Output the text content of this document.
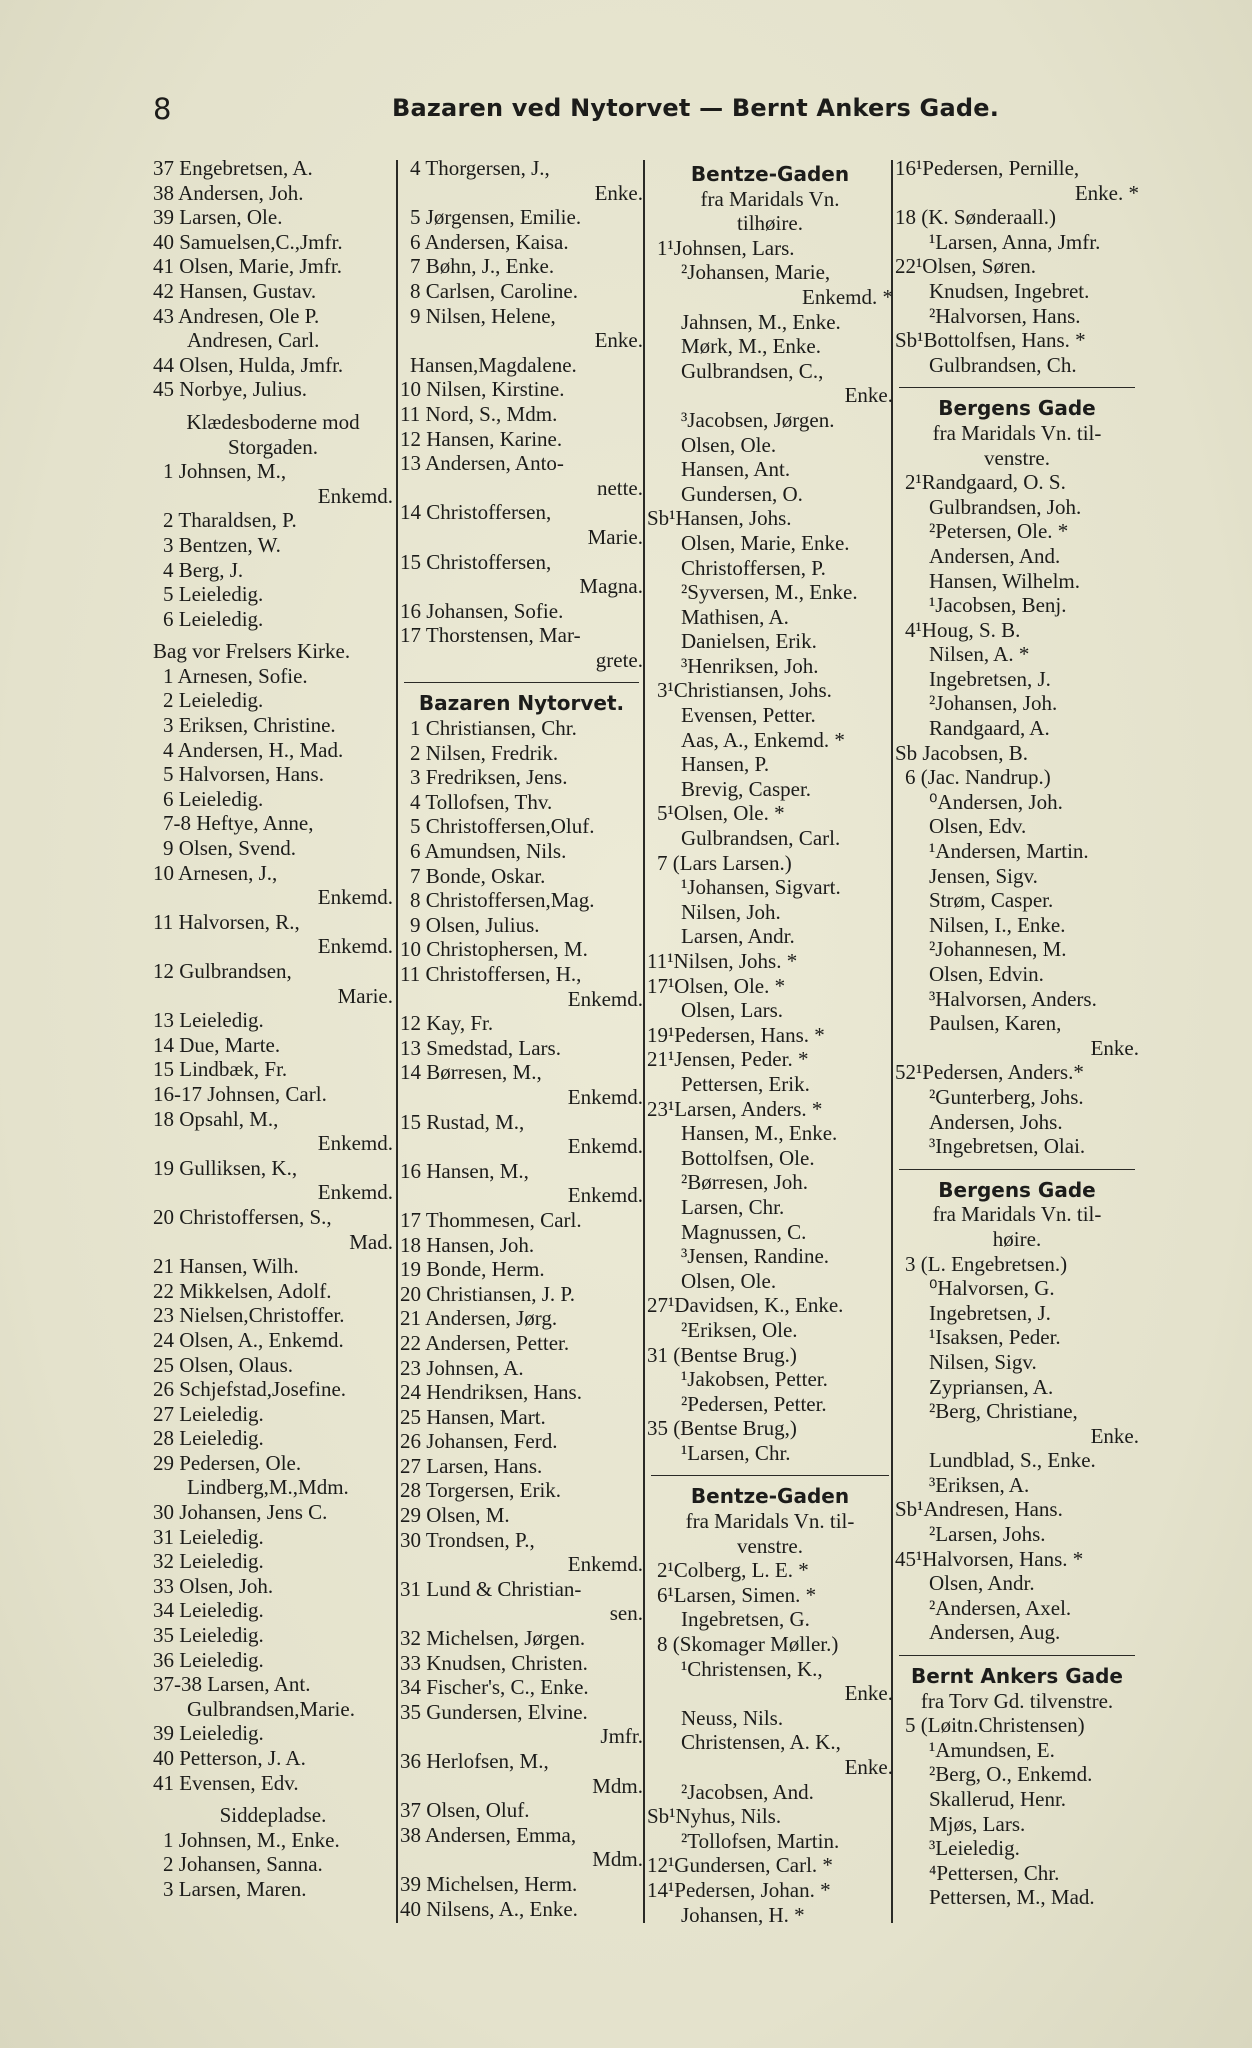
8	Bazaren ved Nytorvet — Bernt Ankers Gade.
37 Engebretsen, A.
38 Andersen, Joh.
39 Larsen, Ole.
40 Samuelsen,C.,Jmfr.
41 Olsen, Marie, Jmfr.
42 Hansen, Gustav.
43 Andresen, Ole P.
Andresen, Carl.
44 Olsen, Hulda, Jmfr.
45 Norbye, Julius.
Klædesboderne mod
Storgaden.
1 Johnsen, M.,
Enkemd.
2 Tharaldsen, P.
3 Bentzen, W.
4 Berg, J.
5 Leieledig.
6 Leieledig.
Bag vor Frelsers Kirke.
1 Arnesen, Sofie.
2 Leieledig.
3 Eriksen, Christine.
4 Andersen, H., Mad.
5 Halvorsen, Hans.
6 Leieledig.
7-8 Heftye, Anne,
9 Olsen, Svend.
10 Arnesen, J.,
Enkemd.
11 Halvorsen, R.,
Enkemd.
12 Gulbrandsen,
Marie.
13 Leieledig.
14 Due, Marte.
15 Lindbæk, Fr.
16-17 Johnsen, Carl.
18 Opsahl, M.,
Enkemd.
19 Gulliksen, K.,
Enkemd.
20 Christoffersen, S.,
Mad.
21 Hansen, Wilh.
22 Mikkelsen, Adolf.
23 Nielsen,Christoffer.
24 Olsen, A., Enkemd.
25 Olsen, Olaus.
26 Schjefstad,Josefine.
27 Leieledig.
28 Leieledig.
29 Pedersen, Ole.
Lindberg,M.,Mdm.
30 Johansen, Jens C.
31 Leieledig.
32 Leieledig.
33 Olsen, Joh.
34 Leieledig.
35 Leieledig.
36 Leieledig.
37-38 Larsen, Ant.
Gulbrandsen,Marie.
39 Leieledig.
40 Petterson, J. A.
41 Evensen, Edv.
Siddepladse.
1 Johnsen, M., Enke.
2 Johansen, Sanna.
3 Larsen, Maren.
4 Thorgersen, J.,
Enke.
5 Jørgensen, Emilie.
6 Andersen, Kaisa.
7 Bøhn, J., Enke.
8 Carlsen, Caroline.
9 Nilsen, Helene,
Enke.
Hansen,Magdalene.
10 Nilsen, Kirstine.
11 Nord, S., Mdm.
12 Hansen, Karine.
13 Andersen, Anto-
nette.
14 Christoffersen,
Marie.
15 Christoffersen,
Magna.
16 Johansen, Sofie.
17 Thorstensen, Mar-
grete.
Bazaren Nytorvet.
1 Christiansen, Chr.
2 Nilsen, Fredrik.
3 Fredriksen, Jens.
4 Tollofsen, Thv.
5 Christoffersen,Oluf.
6 Amundsen, Nils.
7 Bonde, Oskar.
8 Christoffersen,Mag.
9 Olsen, Julius.
10 Christophersen, M.
11 Christoffersen, H.,
Enkemd.
12 Kay, Fr.
13 Smedstad, Lars.
14 Børresen, M.,
Enkemd.
15 Rustad, M.,
Enkemd.
16 Hansen, M.,
Enkemd.
17 Thommesen, Carl.
18 Hansen, Joh.
19 Bonde, Herm.
20 Christiansen, J. P.
21 Andersen, Jørg.
22 Andersen, Petter.
23 Johnsen, A.
24 Hendriksen, Hans.
25 Hansen, Mart.
26 Johansen, Ferd.
27 Larsen, Hans.
28 Torgersen, Erik.
29 Olsen, M.
30 Trondsen, P.,
Enkemd.
31 Lund & Christian-
sen.
32 Michelsen, Jørgen.
33 Knudsen, Christen.
34 Fischer's, C., Enke.
35 Gundersen, Elvine.
Jmfr.
36 Herlofsen, M.,
Mdm.
37 Olsen, Oluf.
38 Andersen, Emma,
Mdm.
39 Michelsen, Herm.
40 Nilsens, A., Enke.
Bentze-Gaden
fra Maridals Vn.
tilhøire.
1¹Johnsen, Lars.
²Johansen, Marie,
Enkemd. *
Jahnsen, M., Enke.
Mørk, M., Enke.
Gulbrandsen, C.,
Enke.
³Jacobsen, Jørgen.
Olsen, Ole.
Hansen, Ant.
Gundersen, O.
Sb¹Hansen, Johs.
Olsen, Marie, Enke.
Christoffersen, P.
²Syversen, M., Enke.
Mathisen, A.
Danielsen, Erik.
³Henriksen, Joh.
3¹Christiansen, Johs.
Evensen, Petter.
Aas, A., Enkemd. *
Hansen, P.
Brevig, Casper.
5¹Olsen, Ole. *
Gulbrandsen, Carl.
7 (Lars Larsen.)
¹Johansen, Sigvart.
Nilsen, Joh.
Larsen, Andr.
11¹Nilsen, Johs. *
17¹Olsen, Ole. *
Olsen, Lars.
19¹Pedersen, Hans. *
21¹Jensen, Peder. *
Pettersen, Erik.
23¹Larsen, Anders. *
Hansen, M., Enke.
Bottolfsen, Ole.
²Børresen, Joh.
Larsen, Chr.
Magnussen, C.
³Jensen, Randine.
Olsen, Ole.
27¹Davidsen, K., Enke.
²Eriksen, Ole.
31 (Bentse Brug.)
¹Jakobsen, Petter.
²Pedersen, Petter.
35 (Bentse Brug,)
¹Larsen, Chr.
Bentze-Gaden
fra Maridals Vn. til-
venstre.
2¹Colberg, L. E. *
6¹Larsen, Simen. *
Ingebretsen, G.
8 (Skomager Møller.)
¹Christensen, K.,
Enke.
Neuss, Nils.
Christensen, A. K.,
Enke.
²Jacobsen, And.
Sb¹Nyhus, Nils.
²Tollofsen, Martin.
12¹Gundersen, Carl. *
14¹Pedersen, Johan. *
Johansen, H. *
16¹Pedersen, Pernille,
Enke. *
18 (K. Sønderaall.)
¹Larsen, Anna, Jmfr.
22¹Olsen, Søren.
Knudsen, Ingebret.
²Halvorsen, Hans.
Sb¹Bottolfsen, Hans. *
Gulbrandsen, Ch.
Bergens Gade
fra Maridals Vn. til-
venstre.
2¹Randgaard, O. S.
Gulbrandsen, Joh.
²Petersen, Ole. *
Andersen, And.
Hansen, Wilhelm.
¹Jacobsen, Benj.
4¹Houg, S. B.
Nilsen, A. *
Ingebretsen, J.
²Johansen, Joh.
Randgaard, A.
Sb Jacobsen, B.
6 (Jac. Nandrup.)
⁰Andersen, Joh.
Olsen, Edv.
¹Andersen, Martin.
Jensen, Sigv.
Strøm, Casper.
Nilsen, I., Enke.
²Johannesen, M.
Olsen, Edvin.
³Halvorsen, Anders.
Paulsen, Karen,
Enke.
52¹Pedersen, Anders.*
²Gunterberg, Johs.
Andersen, Johs.
³Ingebretsen, Olai.
Bergens Gade
fra Maridals Vn. til-
høire.
3 (L. Engebretsen.)
⁰Halvorsen, G.
Ingebretsen, J.
¹Isaksen, Peder.
Nilsen, Sigv.
Zypriansen, A.
²Berg, Christiane,
Enke.
Lundblad, S., Enke.
³Eriksen, A.
Sb¹Andresen, Hans.
²Larsen, Johs.
45¹Halvorsen, Hans. *
Olsen, Andr.
²Andersen, Axel.
Andersen, Aug.
Bernt Ankers Gade
fra Torv Gd. tilvenstre.
5 (Løitn.Christensen)
¹Amundsen, E.
²Berg, O., Enkemd.
Skallerud, Henr.
Mjøs, Lars.
³Leieledig.
⁴Pettersen, Chr.
Pettersen, M., Mad.
